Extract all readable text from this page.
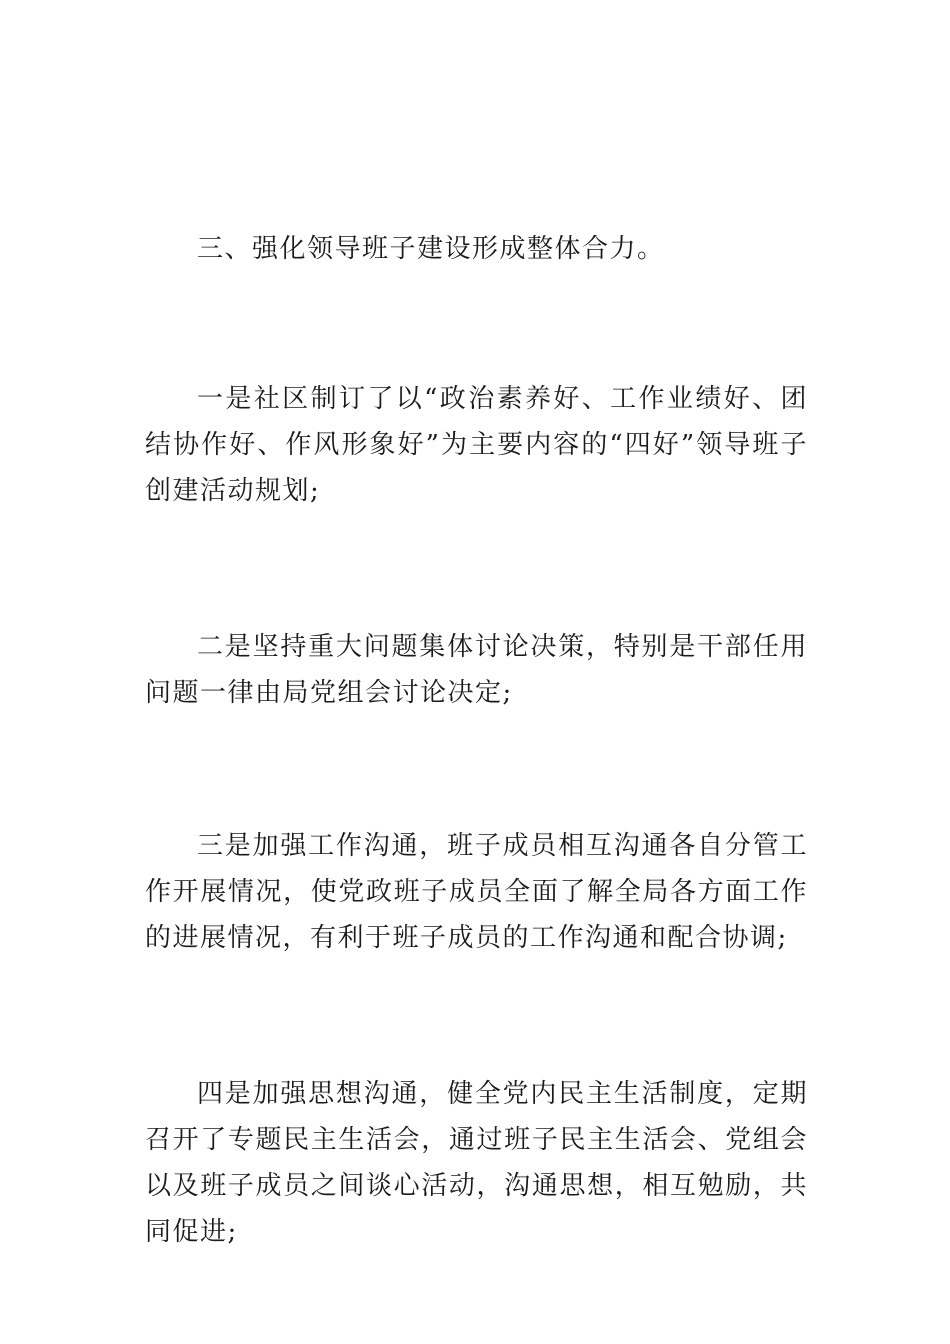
三、强化领导班子建设形成整体合力。

一是社区制订了以“政治素养好、工作业绩好、团结协作好、作风形象好”为主要内容的“四好”领导班子创建活动规划;

二是坚持重大问题集体讨论决策，特别是干部任用问题一律由局党组会讨论决定;

三是加强工作沟通，班子成员相互沟通各自分管工作开展情况，使党政班子成员全面了解全局各方面工作的进展情况，有利于班子成员的工作沟通和配合协调;

四是加强思想沟通，健全党内民主生活制度，定期召开了专题民主生活会，通过班子民主生活会、党组会以及班子成员之间谈心活动，沟通思想，相互勉励，共同促进;
